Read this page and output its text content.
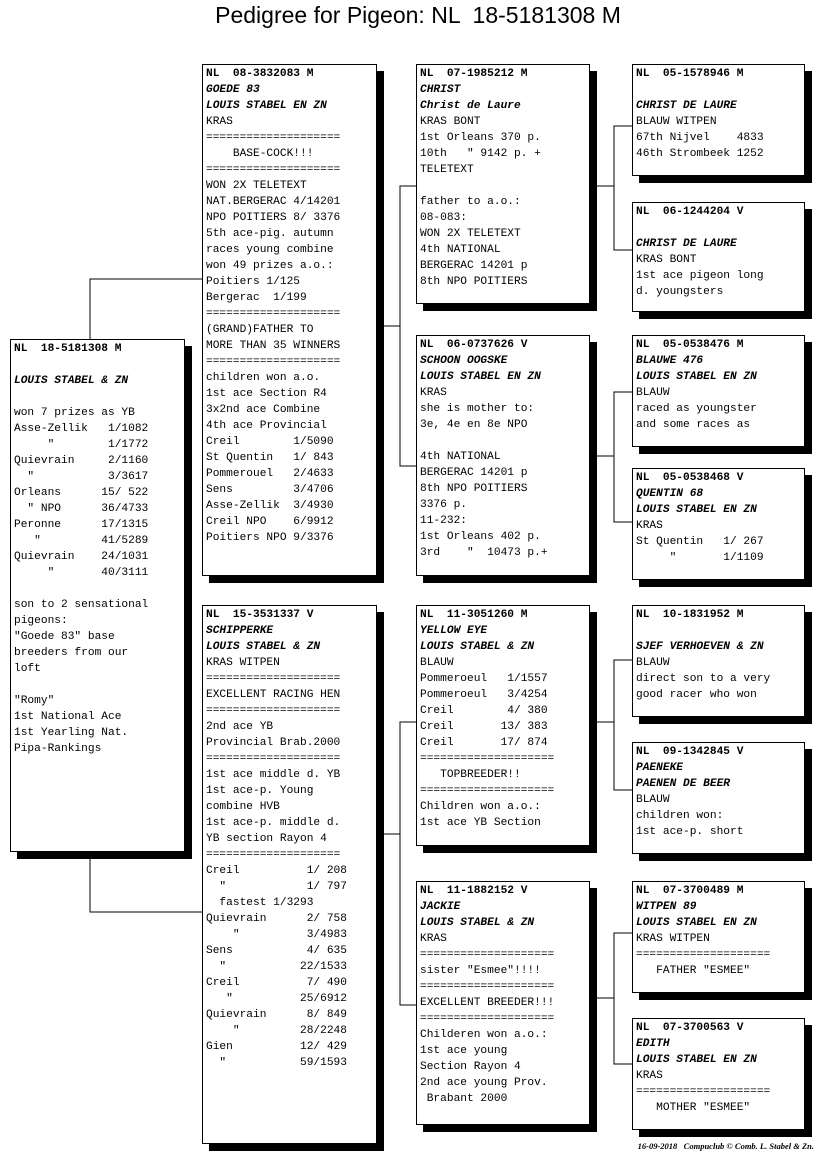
Pedigree for Pigeon: NL  18-5181308 M
NL  18-5181308 M
LOUIS STABEL & ZN
won 7 prizes as YB
Asse-Zellik   1/1082
"        1/1772
Quievrain     2/1160
"           3/3617
Orleans      15/ 522
" NPO      36/4733
Peronne      17/1315
"         41/5289
Quievrain    24/1031
"       40/3111
son to 2 sensational
pigeons:
"Goede 83" base
breeders from our
loft
"Romy"
1st National Ace
1st Yearling Nat.
Pipa-Rankings
NL  08-3832083 M
GOEDE 83
LOUIS STABEL EN ZN
KRAS
====================
BASE-COCK!!!
====================
WON 2X TELETEXT
NAT.BERGERAC 4/14201
NPO POITIERS 8/ 3376
5th ace-pig. autumn
races young combine
won 49 prizes a.o.:
Poitiers 1/125
Bergerac  1/199
====================
(GRAND)FATHER TO
MORE THAN 35 WINNERS
====================
children won a.o.
1st ace Section R4
3x2nd ace Combine
4th ace Provincial
Creil        1/5090
St Quentin   1/ 843
Pommerouel   2/4633
Sens         3/4706
Asse-Zellik  3/4930
Creil NPO    6/9912
Poitiers NPO 9/3376
NL  15-3531337 V
SCHIPPERKE
LOUIS STABEL & ZN
KRAS WITPEN
====================
EXCELLENT RACING HEN
====================
2nd ace YB
Provincial Brab.2000
====================
1st ace middle d. YB
1st ace-p. Young
combine HVB
1st ace-p. middle d.
YB section Rayon 4
====================
Creil          1/ 208
"            1/ 797
fastest 1/3293
Quievrain      2/ 758
"          3/4983
Sens           4/ 635
"           22/1533
Creil          7/ 490
"          25/6912
Quievrain      8/ 849
"         28/2248
Gien          12/ 429
"           59/1593
NL  07-1985212 M
CHRIST
Christ de Laure
KRAS BONT
1st Orleans 370 p.
10th   " 9142 p. +
TELETEXT
father to a.o.:
08-083:
WON 2X TELETEXT
4th NATIONAL
BERGERAC 14201 p
8th NPO POITIERS
NL  06-0737626 V
SCHOON OOGSKE
LOUIS STABEL EN ZN
KRAS
she is mother to:
3e, 4e en 8e NPO
4th NATIONAL
BERGERAC 14201 p
8th NPO POITIERS
3376 p.
11-232:
1st Orleans 402 p.
3rd    "  10473 p.+
NL  11-3051260 M
YELLOW EYE
LOUIS STABEL & ZN
BLAUW
Pommeroeul   1/1557
Pommeroeul   3/4254
Creil        4/ 380
Creil       13/ 383
Creil       17/ 874
====================
TOPBREEDER!!
====================
Children won a.o.:
1st ace YB Section
NL  11-1882152 V
JACKIE
LOUIS STABEL & ZN
KRAS
====================
sister "Esmee"!!!!
====================
EXCELLENT BREEDER!!!
====================
Childeren won a.o.:
1st ace young
Section Rayon 4
2nd ace young Prov.
Brabant 2000
NL  05-1578946 M
CHRIST DE LAURE
BLAUW WITPEN
67th Nijvel    4833
46th Strombeek 1252
NL  06-1244204 V
CHRIST DE LAURE
KRAS BONT
1st ace pigeon long
d. youngsters
NL  05-0538476 M
BLAUWE 476
LOUIS STABEL EN ZN
BLAUW
raced as youngster
and some races as
NL  05-0538468 V
QUENTIN 68
LOUIS STABEL EN ZN
KRAS
St Quentin   1/ 267
"       1/1109
NL  10-1831952 M
SJEF VERHOEVEN & ZN
BLAUW
direct son to a very
good racer who won
NL  09-1342845 V
PAENEKE
PAENEN DE BEER
BLAUW
children won:
1st ace-p. short
NL  07-3700489 M
WITPEN 89
LOUIS STABEL EN ZN
KRAS WITPEN
====================
FATHER "ESMEE"
NL  07-3700563 V
EDITH
LOUIS STABEL EN ZN
KRAS
====================
MOTHER "ESMEE"
16-09-2018   Compuclub © Comb. L. Stabel & Zn.
